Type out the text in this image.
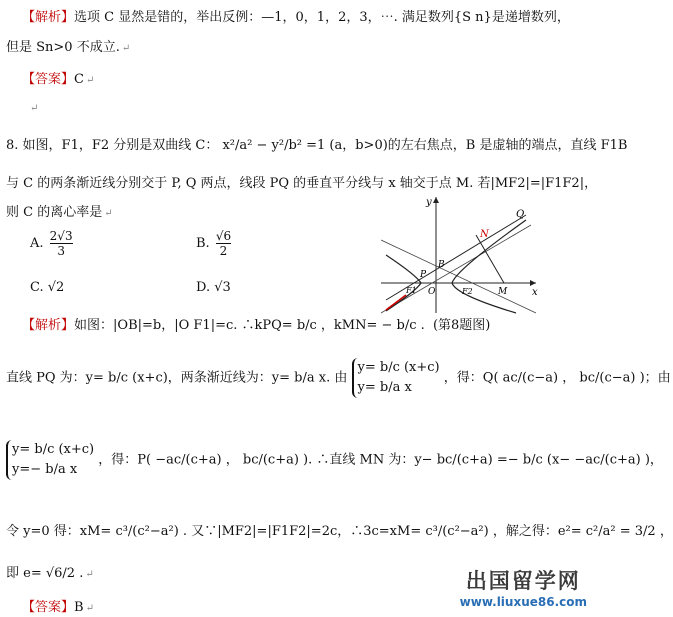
【解析】选项 C 显然是错的，举出反例：—1，0，1，2，3，⋯. 满足数列{S n}是递增数列，
但是 Sn>0 不成立. ↵
【答案】C ↵
↵
8. 如图，F1，F2 分别是双曲线 C： x²/a² − y²/b² =1 (a，b>0)的左右焦点，B 是虚轴的端点，直线 F1B
与 C 的两条渐近线分别交于 P, Q 两点，线段 PQ 的垂直平分线与 x 轴交于点 M. 若|MF2|=|F1F2|，
则 C 的离心率是 ↵
A. $\frac{2√3}{3}$	B. $\frac{√6}{2}$
C. √2	D. √3
y
x
Q
N
B
P
F1 O	F2	M
【解析】如图：|OB|=b，|O F1|=c. ∴kPQ= b/c ，kMN= − b/c . (第8题图)
直线 PQ 为：y= b/c (x+c)，两条渐近线为：y= b/a x. 由
y= b/c (x+c)
y= b/a x
，得：Q( ac/(c−a) ， bc/(c−a) )；由
y= b/c (x+c)
y=− b/a x
，得：P( −ac/(c+a) ， bc/(c+a) ). ∴直线 MN 为：y− bc/(c+a) =− b/c (x− −ac/(c+a) )，
令 y=0 得：xM= c³/(c²−a²) . 又∵|MF2|=|F1F2|=2c，∴3c=xM= c³/(c²−a²) ，解之得：e²= c²/a² = 3/2 ，
即 e= √6/2 . ↵
【答案】B ↵
出国留学网
www.liuxue86.com
